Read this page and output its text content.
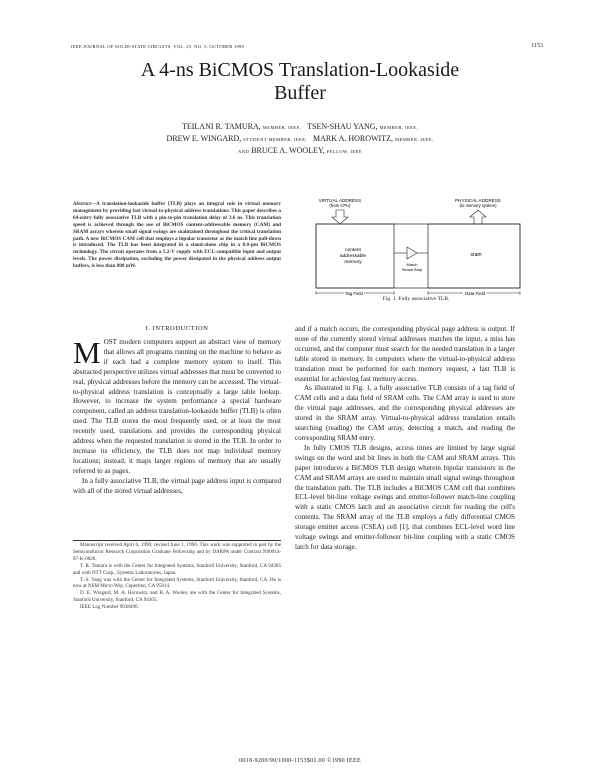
IEEE JOURNAL OF SOLID-STATE CIRCUITS, VOL. 25, NO. 5, OCTOBER 1990	1153
A 4-ns BiCMOS Translation-Lookaside
Buffer
TEILANI R. TAMURA, MEMBER, IEEE, TSEN-SHAU YANG, MEMBER, IEEE,
DREW E. WINGARD, STUDENT MEMBER, IEEE, MARK A. HOROWITZ, MEMBER, IEEE,
AND BRUCE A. WOOLEY, FELLOW, IEEE
Abstract—A translation-lookaside buffer (TLB) plays an integral role in virtual memory management by providing fast virtual-to-physical address translations. This paper describes a 64-entry fully associative TLB with a pin-to-pin translation delay of 3.6 ns. This translation speed is achieved through the use of BiCMOS content-addressable memory (CAM) and SRAM arrays wherein small signal swings are maintained throughout the critical translation path. A new BiCMOS CAM cell that employs a bipolar transistor as the match line pull-down is introduced. The TLB has been integrated in a stand-alone chip in a 0.8-μm BiCMOS technology. The circuit operates from a 5.2-V supply with ECL-compatible input and output levels. The power dissipation, excluding the power dissipated in the physical address output buffers, is less than 800 mW.
VIRTUAL ADDRESS
(from CPU)
PHYSICAL ADDRESS
(to memory system)
content
addressable
memory	Match
Sense Amp
sram
Tag Field	Data Field
Fig. 1. Fully associative TLB.
I. INTRODUCTION

MOST modern computers support an abstract view of memory that allows all programs running on the machine to behave as if each had a complete memory system to itself. This abstracted perspective utilizes virtual addresses that must be converted to real, physical addresses before the memory can be accessed. The virtual-to-physical address translation is conceptually a large table lookup. However, to increase the system performance a special hardware component, called an address translation-lookaside buffer (TLB) is often used. The TLB stores the most frequently used, or at least the most recently used, translations and provides the corresponding physical address when the requested translation is stored in the TLB. In order to increase its efficiency, the TLB does not map individual memory locations; instead, it maps larger regions of memory that are usually referred to as pages.

In a fully associative TLB, the virtual page address input is compared with all of the stored virtual addresses,

Manuscript received April 6, 1990; revised June 1, 1990. This work was supported in part by the Semiconductor Research Corporation Graduate Fellowship and by DARPA under Contract N00014-87-K-0828.

T. R. Tamura is with the Center for Integrated Systems, Stanford University, Stanford, CA 94305 and with NTT Corp., Systems Laboratories, Japan.

T.-S. Yang was with the Center for Integrated Systems, Stanford University, Stanford, CA. He is now at NSM Micro Way, Cupertino, CA 95014.

D. E. Wingard, M. A. Horowitz, and B. A. Wooley are with the Center for Integrated Systems, Stanford University, Stanford, CA 94305.

IEEE Log Number 9038496.

and if a match occurs, the corresponding physical page address is output. If none of the currently stored virtual addresses matches the input, a miss has occurred, and the computer must search for the needed translation in a larger table stored in memory. In computers where the virtual-to-physical address translation must be performed for each memory request, a fast TLB is essential for achieving fast memory access.

As illustrated in Fig. 1, a fully associative TLB consists of a tag field of CAM cells and a data field of SRAM cells. The CAM array is used to store the virtual page addresses, and the corresponding physical addresses are stored in the SRAM array. Virtual-to-physical address translation entails searching (reading) the CAM array, detecting a match, and reading the corresponding SRAM entry.

In fully CMOS TLB designs, access times are limited by large signal swings on the word and bit lines in both the CAM and SRAM arrays. This paper introduces a BiCMOS TLB design wherein bipolar transistors in the CAM and SRAM arrays are used to maintain small signal swings throughout the translation path. The TLB includes a BiCMOS CAM cell that combines ECL-level bit-line voltage swings and emitter-follower match-line coupling with a static CMOS latch and an associative circuit for reading the cell's contents. The SRAM array of the TLB employs a fully differential CMOS storage emitter access (CSEA) cell [1], that combines ECL-level word line voltage swings and emitter-follower bit-line coupling with a static CMOS latch for data storage.

0018-9200/90/1000-1153$01.00 ©1990 IEEE
